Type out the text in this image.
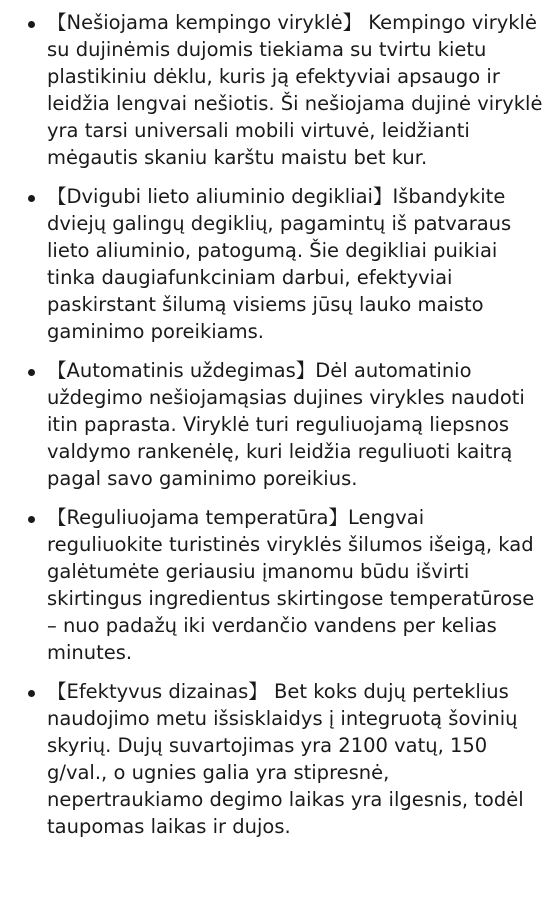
【Nešiojama kempingo viryklė】 Kempingo viryklė su dujinėmis dujomis tiekiama su tvirtu kietu plastikiniu dėklu, kuris ją efektyviai apsaugo ir leidžia lengvai nešiotis. Ši nešiojama dujinė viryklė yra tarsi universali mobili virtuvė, leidžianti mėgautis skaniu karštu maistu bet kur.
【Dvigubi lieto aliuminio degikliai】Išbandykite dviejų galingų degiklių, pagamintų iš patvaraus lieto aliuminio, patogumą. Šie degikliai puikiai tinka daugiafunkciniam darbui, efektyviai paskirstant šilumą visiems jūsų lauko maisto gaminimo poreikiams.
【Automatinis uždegimas】Dėl automatinio uždegimo nešiojamąsias dujines virykles naudoti itin paprasta. Viryklė turi reguliuojamą liepsnos valdymo rankenėlę, kuri leidžia reguliuoti kaitrą pagal savo gaminimo poreikius.
【Reguliuojama temperatūra】Lengvai reguliuokite turistinės viryklės šilumos išeigą, kad galėtumėte geriausiu įmanomu būdu išvirti skirtingus ingredientus skirtingose temperatūrose – nuo padažų iki verdančio vandens per kelias minutes.
【Efektyvus dizainas】 Bet koks dujų perteklius naudojimo metu išsisklaidys į integruotą šovinių skyrių. Dujų suvartojimas yra 2100 vatų, 150 g/val., o ugnies galia yra stipresnė, nepertraukiamo degimo laikas yra ilgesnis, todėl taupomas laikas ir dujos.
